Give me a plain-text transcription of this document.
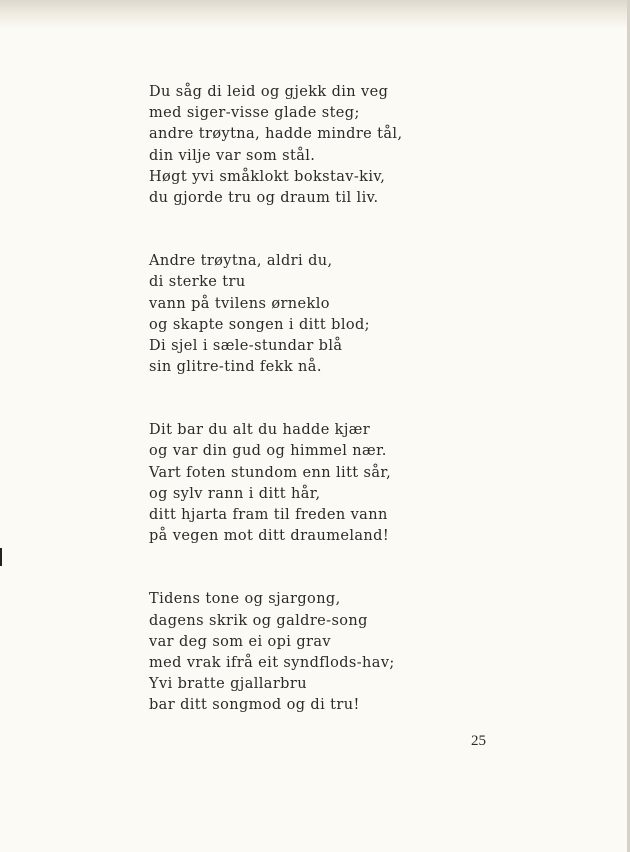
Du såg di leid og gjekk din veg
med siger-visse glade steg;
andre trøytna, hadde mindre tål,
din vilje var som stål.
Høgt yvi småklokt bokstav-kiv,
du gjorde tru og draum til liv.
Andre trøytna, aldri du,
di sterke tru
vann på tvilens ørneklo
og skapte songen i ditt blod;
Di sjel i sæle-stundar blå
sin glitre-tind fekk nå.
Dit bar du alt du hadde kjær
og var din gud og himmel nær.
Vart foten stundom enn litt sår,
og sylv rann i ditt hår,
ditt hjarta fram til freden vann
på vegen mot ditt draumeland!
Tidens tone og sjargong,
dagens skrik og galdre-song
var deg som ei opi grav
med vrak ifrå eit syndflods-hav;
Yvi bratte gjallarbru
bar ditt songmod og di tru!
25
